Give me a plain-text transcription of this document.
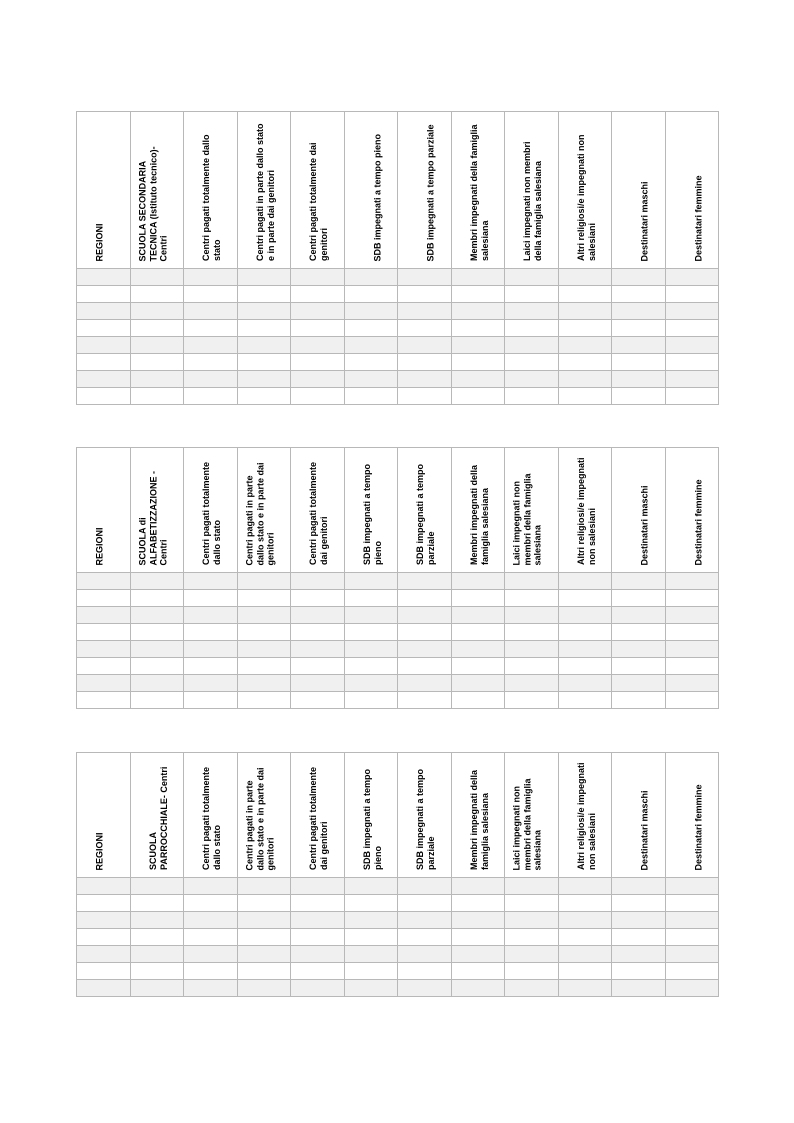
REGIONI	SCUOLA SECONDARIA TECNICA (Istituto tecnico)- Centri	Centri pagati totalmente dallo stato	Centri pagati in parte dallo stato e in parte dai genitori	Centri pagati totalmente dai genitori	SDB impegnati a tempo pieno	SDB impegnati a tempo parziale	Membri impegnati della famiglia salesiana	Laici impegnati non membri della famiglia salesiana	Altri religiosi/e impegnati non salesiani	Destinatari maschi	Destinatari femmine

REGIONI	SCUOLA di ALFABETIZZAZIONE - Centri	Centri pagati totalmente dallo stato	Centri pagati in parte dallo stato e in parte dai genitori	Centri pagati totalmente dai genitori	SDB impegnati a tempo pieno	SDB impegnati a tempo parziale	Membri impegnati della famiglia salesiana	Laici impegnati non membri della famiglia salesiana	Altri religiosi/e impegnati non salesiani	Destinatari maschi	Destinatari femmine

REGIONI	SCUOLA PARROCCHIALE- Centri	Centri pagati totalmente dallo stato	Centri pagati in parte dallo stato e in parte dai genitori	Centri pagati totalmente dai genitori	SDB impegnati a tempo pieno	SDB impegnati a tempo parziale	Membri impegnati della famiglia salesiana	Laici impegnati non membri della famiglia salesiana	Altri religiosi/e impegnati non salesiani	Destinatari maschi	Destinatari femmine
